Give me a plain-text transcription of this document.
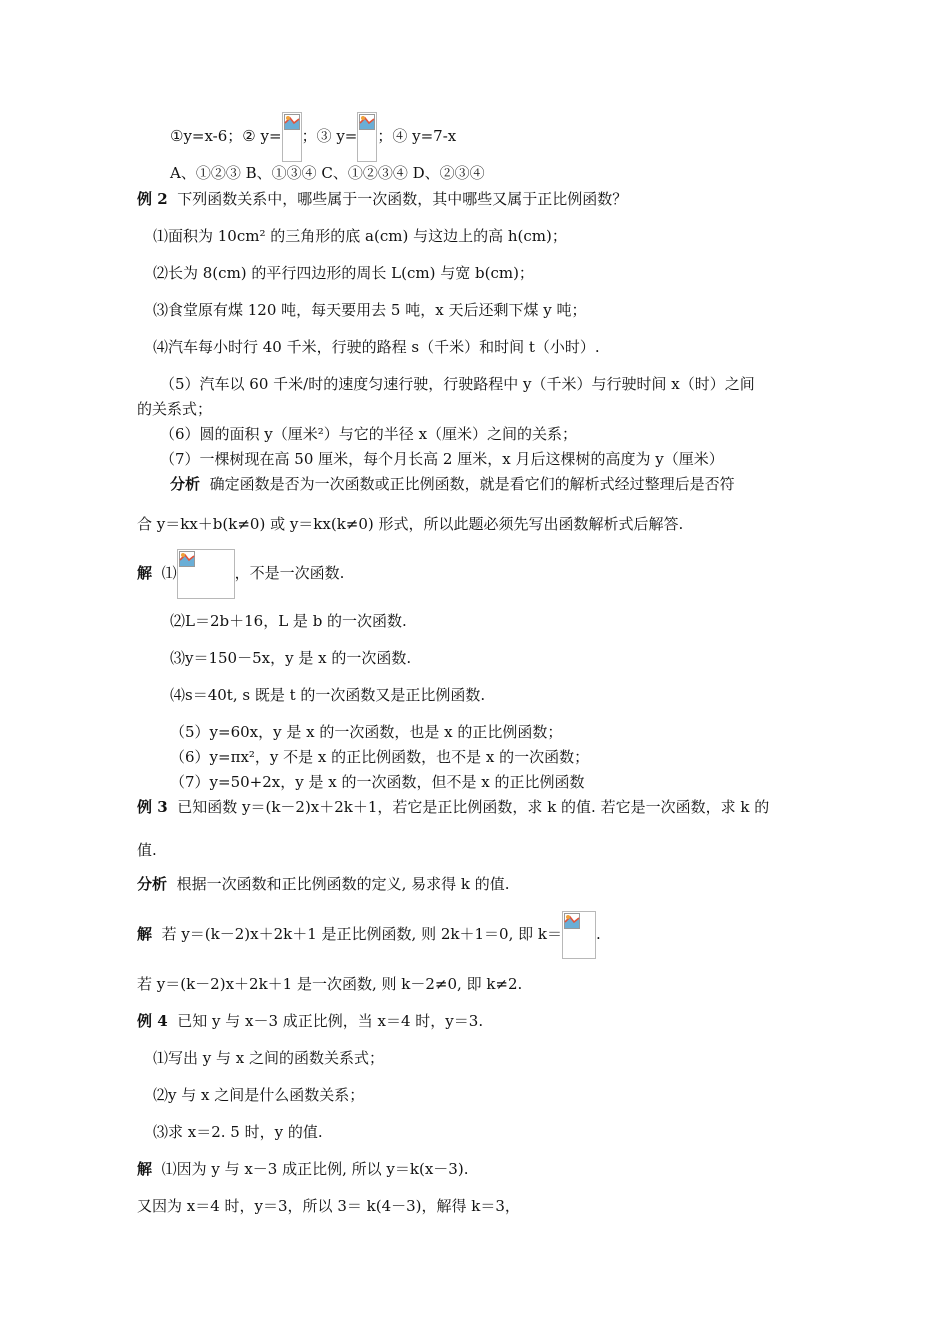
①y=x-6；② y= ；③ y= ；④ y=7-x
A、①②③ B、①③④ C、①②③④ D、②③④
例 2 下列函数关系中，哪些属于一次函数，其中哪些又属于正比例函数？
⑴面积为 10cm² 的三角形的底 a(cm) 与这边上的高 h(cm)；
⑵长为 8(cm) 的平行四边形的周长 L(cm) 与宽 b(cm)；
⑶食堂原有煤 120 吨，每天要用去 5 吨，x 天后还剩下煤 y 吨；
⑷汽车每小时行 40 千米，行驶的路程 s（千米）和时间 t（小时）.
（5）汽车以 60 千米/时的速度匀速行驶，行驶路程中 y（千米）与行驶时间 x（时）之间
的关系式；
（6）圆的面积 y（厘米²）与它的半径 x（厘米）之间的关系；
（7）一棵树现在高 50 厘米，每个月长高 2 厘米，x 月后这棵树的高度为 y（厘米）
分析 确定函数是否为一次函数或正比例函数，就是看它们的解析式经过整理后是否符
合 y＝kx＋b(k≠0) 或 y＝kx(k≠0) 形式，所以此题必须先写出函数解析式后解答.
解 ⑴	，不是一次函数.
⑵L＝2b＋16，L 是 b 的一次函数.
⑶y＝150－5x，y 是 x 的一次函数.
⑷s＝40t, s 既是 t 的一次函数又是正比例函数.
（5）y=60x，y 是 x 的一次函数，也是 x 的正比例函数；
（6）y=πx²，y 不是 x 的正比例函数，也不是 x 的一次函数；
（7）y=50+2x，y 是 x 的一次函数，但不是 x 的正比例函数
例 3 已知函数 y＝(k－2)x＋2k＋1，若它是正比例函数，求 k 的值. 若它是一次函数，求 k 的
值.
分析 根据一次函数和正比例函数的定义, 易求得 k 的值.
解 若 y＝(k－2)x＋2k＋1 是正比例函数, 则 2k＋1＝0, 即 k＝ .
若 y＝(k－2)x＋2k＋1 是一次函数, 则 k－2≠0, 即 k≠2.
例 4 已知 y 与 x－3 成正比例，当 x＝4 时，y＝3.
⑴写出 y 与 x 之间的函数关系式；
⑵y 与 x 之间是什么函数关系；
⑶求 x＝2. 5 时，y 的值.
解 ⑴因为 y 与 x－3 成正比例, 所以 y＝k(x－3).
又因为 x＝4 时，y＝3，所以 3＝ k(4－3)，解得 k＝3，
